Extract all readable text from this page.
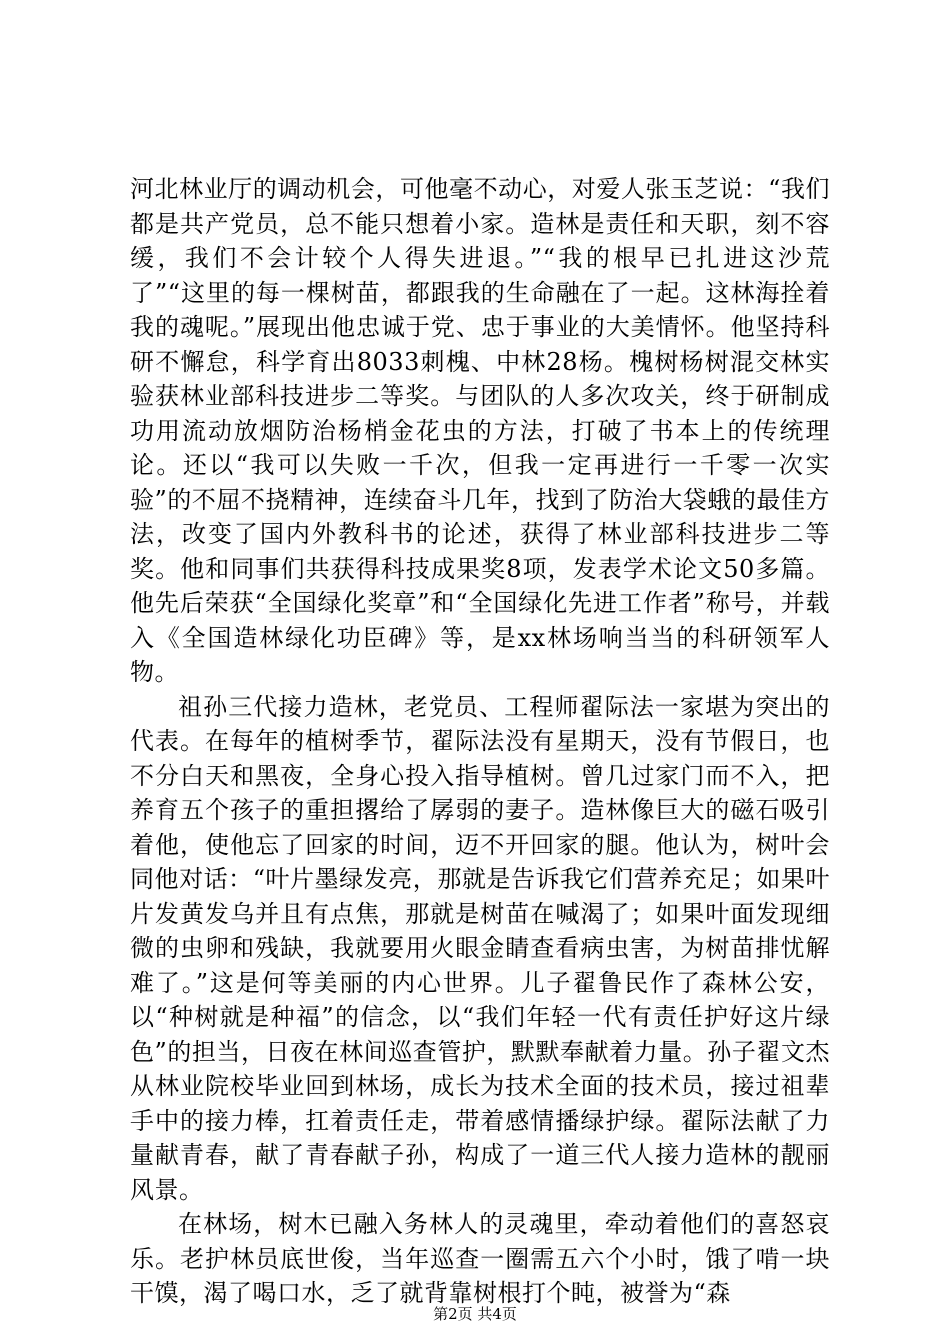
河北林业厅的调动机会，可他毫不动心，对爱人张玉芝说：“我们都是共产党员，总不能只想着小家。造林是责任和天职，刻不容缓，我们不会计较个人得失进退。”“我的根早已扎进这沙荒了”“这里的每一棵树苗，都跟我的生命融在了一起。这林海拴着我的魂呢。”展现出他忠诚于党、忠于事业的大美情怀。他坚持科研不懈怠，科学育出8033刺槐、中林28杨。槐树杨树混交林实验获林业部科技进步二等奖。与团队的人多次攻关，终于研制成功用流动放烟防治杨梢金花虫的方法，打破了书本上的传统理论。还以“我可以失败一千次，但我一定再进行一千零一次实验”的不屈不挠精神，连续奋斗几年，找到了防治大袋蛾的最佳方法，改变了国内外教科书的论述，获得了林业部科技进步二等奖。他和同事们共获得科技成果奖8项，发表学术论文50多篇。他先后荣获“全国绿化奖章”和“全国绿化先进工作者”称号，并载入《全国造林绿化功臣碑》等，是xx林场响当当的科研领军人物。

祖孙三代接力造林，老党员、工程师翟际法一家堪为突出的代表。在每年的植树季节，翟际法没有星期天，没有节假日，也不分白天和黑夜，全身心投入指导植树。曾几过家门而不入，把养育五个孩子的重担撂给了孱弱的妻子。造林像巨大的磁石吸引着他，使他忘了回家的时间，迈不开回家的腿。他认为，树叶会同他对话：“叶片墨绿发亮，那就是告诉我它们营养充足；如果叶片发黄发乌并且有点焦，那就是树苗在喊渴了；如果叶面发现细微的虫卵和残缺，我就要用火眼金睛查看病虫害，为树苗排忧解难了。”这是何等美丽的内心世界。儿子翟鲁民作了森林公安，以“种树就是种福”的信念，以“我们年轻一代有责任护好这片绿色”的担当，日夜在林间巡查管护，默默奉献着力量。孙子翟文杰从林业院校毕业回到林场，成长为技术全面的技术员，接过祖辈手中的接力棒，扛着责任走，带着感情播绿护绿。翟际法献了力量献青春，献了青春献子孙，构成了一道三代人接力造林的靓丽风景。

在林场，树木已融入务林人的灵魂里，牵动着他们的喜怒哀乐。老护林员底世俊，当年巡查一圈需五六个小时，饿了啃一块干馍，渴了喝口水，乏了就背靠树根打个盹，被誉为“森

第2页 共4页
